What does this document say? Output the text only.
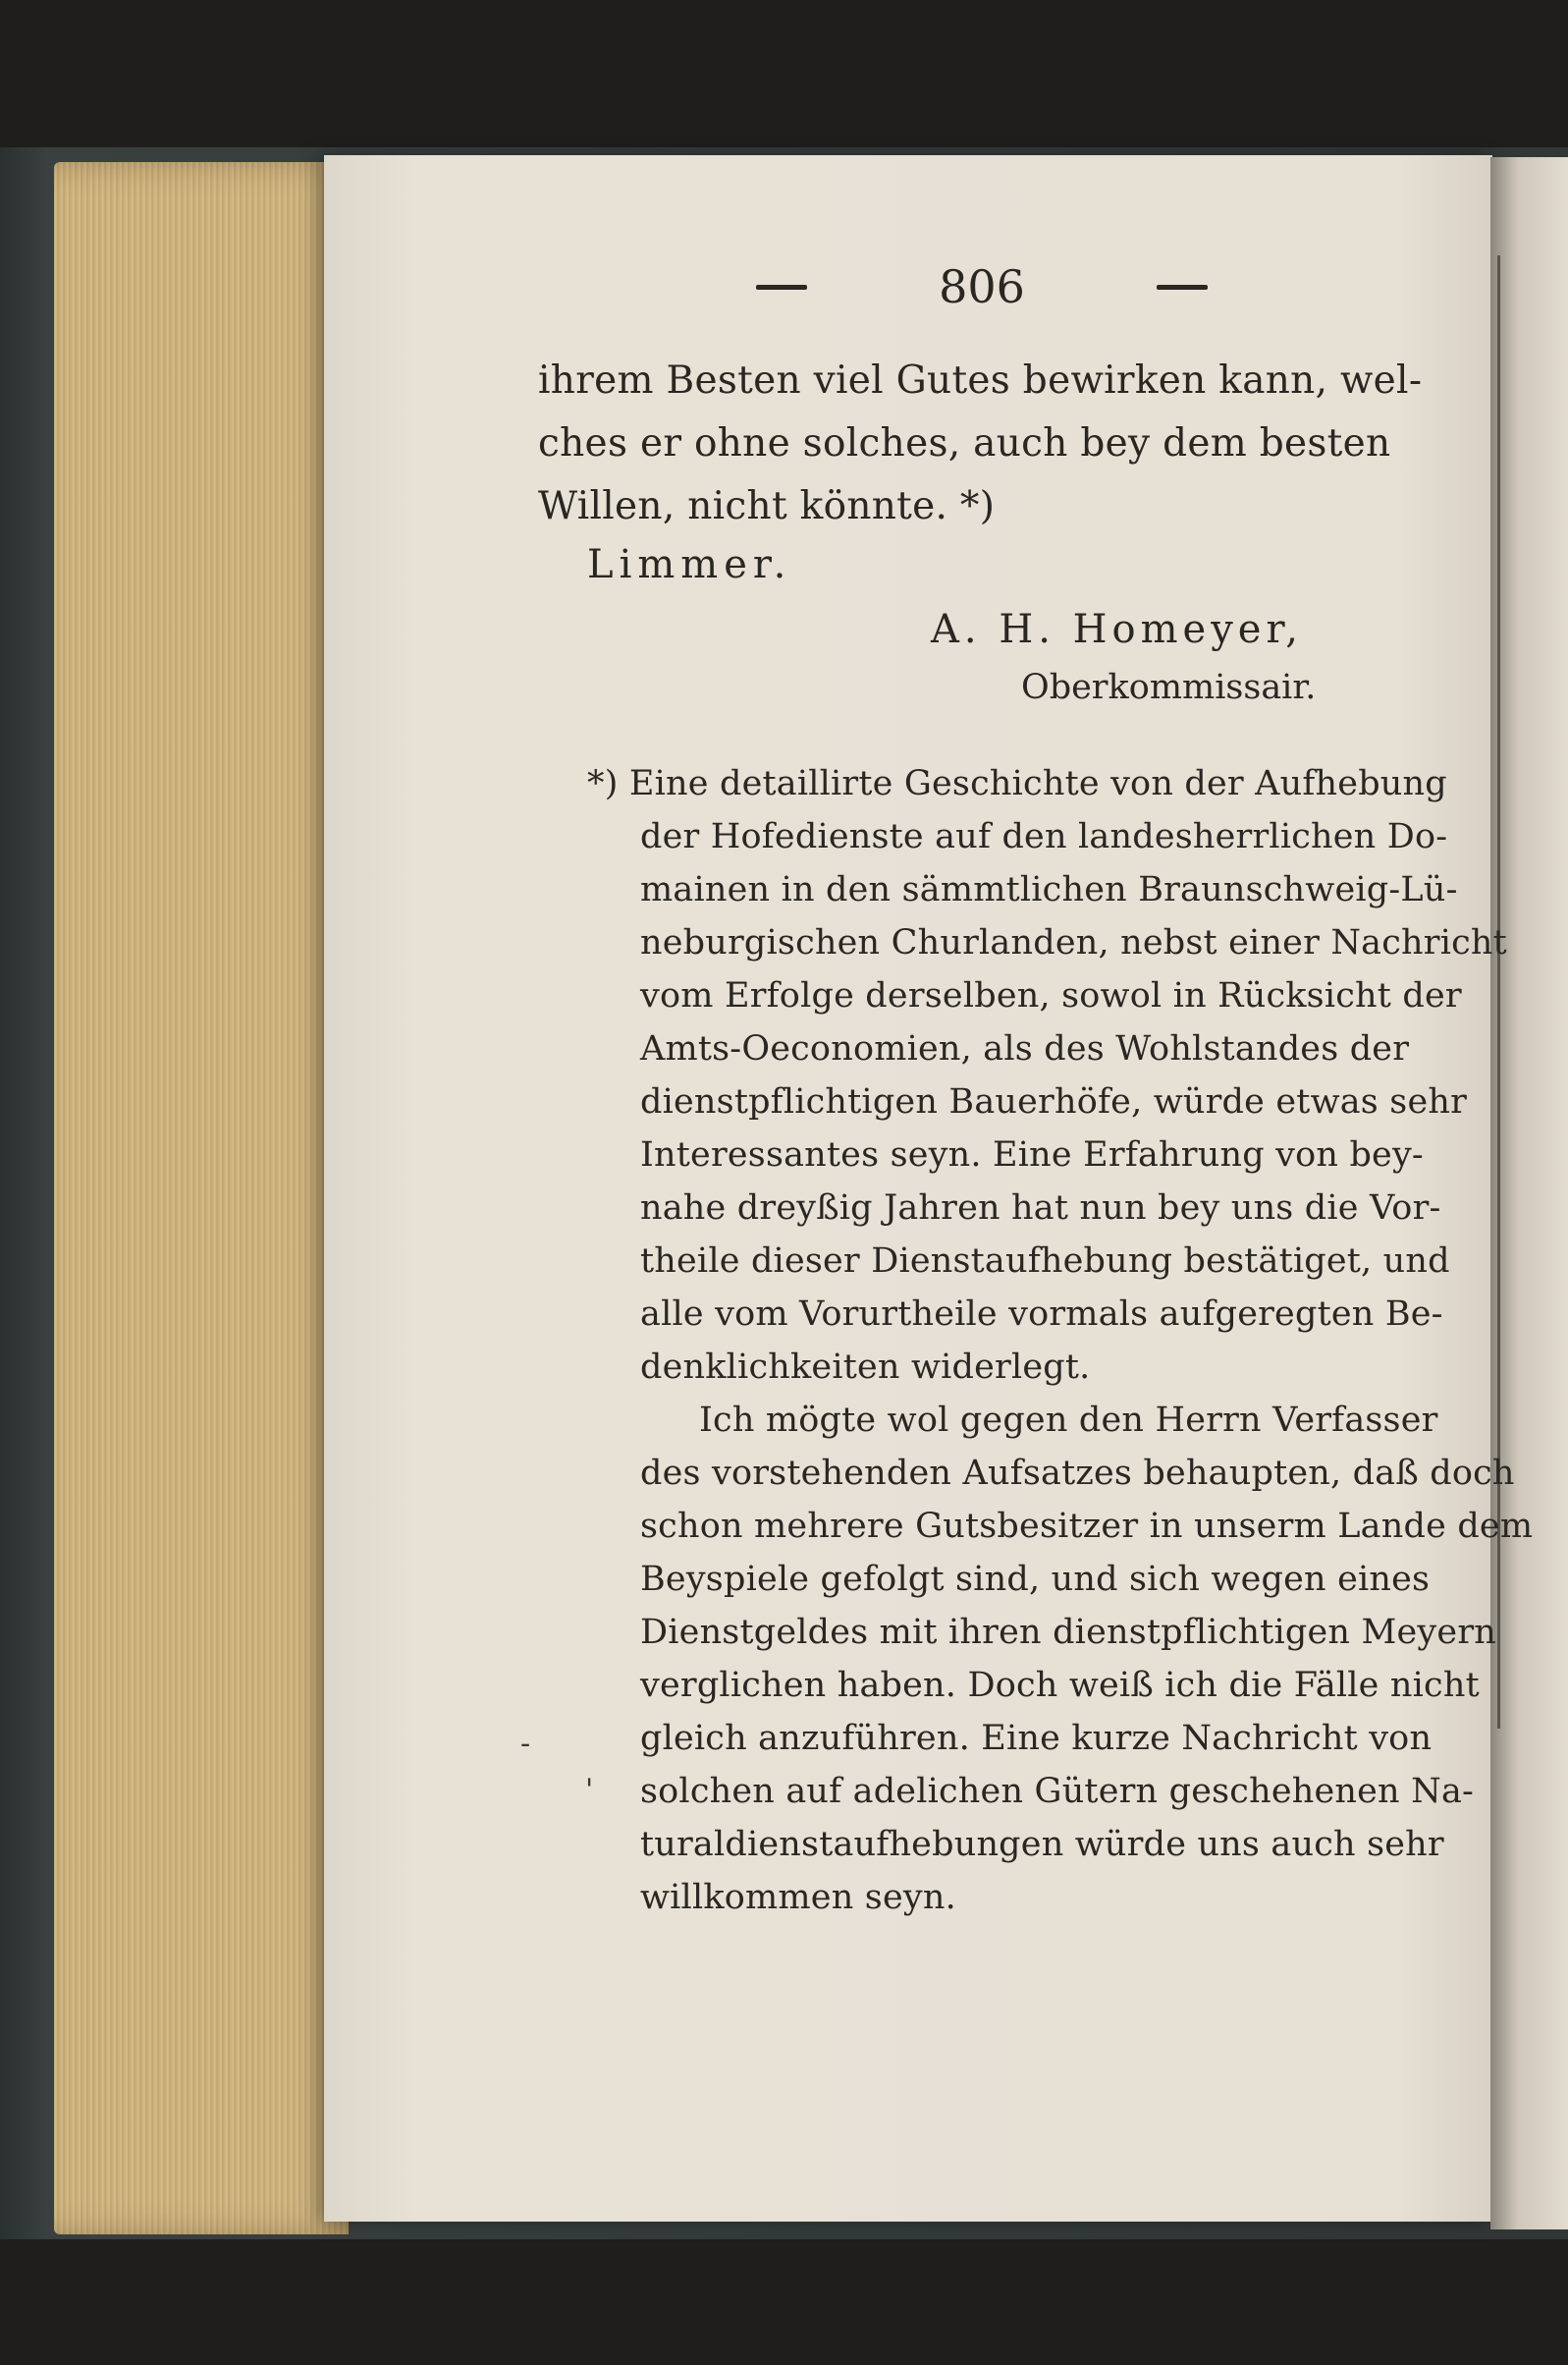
806
ihrem Besten viel Gutes bewirken kann, wel-
ches er ohne solches, auch bey dem besten
Willen, nicht könnte. *)
Limmer.
A. H. Homeyer,
Oberkommissair.
*) Eine detaillirte Geschichte von der Aufhebung
der Hofedienste auf den landesherrlichen Do-
mainen in den sämmtlichen Braunschweig-Lü-
neburgischen Churlanden, nebst einer Nachricht
vom Erfolge derselben, sowol in Rücksicht der
Amts-Oeconomien, als des Wohlstandes der
dienstpflichtigen Bauerhöfe, würde etwas sehr
Interessantes seyn. Eine Erfahrung von bey-
nahe dreyßig Jahren hat nun bey uns die Vor-
theile dieser Dienstaufhebung bestätiget, und
alle vom Vorurtheile vormals aufgeregten Be-
denklichkeiten widerlegt.
Ich mögte wol gegen den Herrn Verfasser
des vorstehenden Aufsatzes behaupten, daß doch
schon mehrere Gutsbesitzer in unserm Lande dem
Beyspiele gefolgt sind, und sich wegen eines
Dienstgeldes mit ihren dienstpflichtigen Meyern
verglichen haben. Doch weiß ich die Fälle nicht
gleich anzuführen. Eine kurze Nachricht von
solchen auf adelichen Gütern geschehenen Na-
turaldienstaufhebungen würde uns auch sehr
willkommen seyn.
-
'
